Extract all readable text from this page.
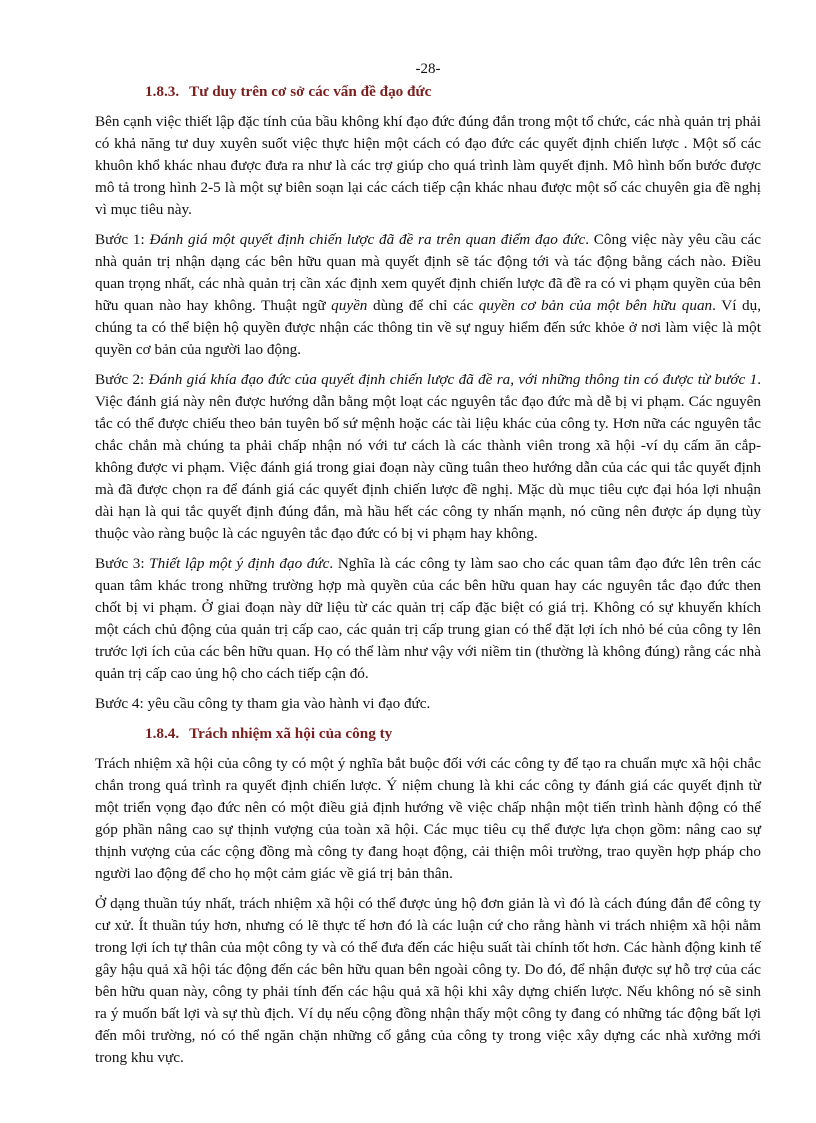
-28-
1.8.3. Tư duy trên cơ sở các vấn đề đạo đức

Bên cạnh việc thiết lập đặc tính của bầu không khí đạo đức đúng đắn trong một tổ chức, các nhà quản trị phải có khả năng tư duy xuyên suốt việc thực hiện một cách có đạo đức các quyết định chiến lược . Một số các khuôn khổ khác nhau được đưa ra như là các trợ giúp cho quá trình làm quyết định. Mô hình bốn bước được mô tả trong hình 2-5 là một sự biên soạn lại các cách tiếp cận khác nhau được một số các chuyên gia đề nghị vì mục tiêu này.

Bước 1: Đánh giá một quyết định chiến lược đã đề ra trên quan điểm đạo đức. Công việc này yêu cầu các nhà quản trị nhận dạng các bên hữu quan mà quyết định sẽ tác động tới và tác động bằng cách nào. Điều quan trọng nhất, các nhà quản trị cần xác định xem quyết định chiến lược đã đề ra có vi phạm quyền của bên hữu quan nào hay không. Thuật ngữ quyền dùng để chỉ các quyền cơ bản của một bên hữu quan. Ví dụ, chúng ta có thể biện hộ quyền được nhận các thông tin về sự nguy hiểm đến sức khỏe ở nơi làm việc là một quyền cơ bản của người lao động.

Bước 2: Đánh giá khía đạo đức của quyết định chiến lược đã đề ra, với những thông tin có được từ bước 1. Việc đánh giá này nên được hướng dẫn bằng một loạt các nguyên tắc đạo đức mà dễ bị vi phạm. Các nguyên tắc có thể được chiếu theo bản tuyên bố sứ mệnh hoặc các tài liệu khác của công ty. Hơn nữa các nguyên tắc chắc chắn mà chúng ta phải chấp nhận nó với tư cách là các thành viên trong xã hội -ví dụ cấm ăn cắp- không được vi phạm. Việc đánh giá trong giai đoạn này cũng tuân theo hướng dẫn của các qui tắc quyết định mà đã được chọn ra để đánh giá các quyết định chiến lược đề nghị. Mặc dù mục tiêu cực đại hóa lợi nhuận dài hạn là qui tắc quyết định đúng đắn, mà hầu hết các công ty nhấn mạnh, nó cũng nên được áp dụng tùy thuộc vào ràng buộc là các nguyên tắc đạo đức có bị vi phạm hay không.

Bước 3: Thiết lập một ý định đạo đức. Nghĩa là các công ty làm sao cho các quan tâm đạo đức lên trên các quan tâm khác trong những trường hợp mà quyền của các bên hữu quan hay các nguyên tắc đạo đức then chốt bị vi phạm. Ở giai đoạn này dữ liệu từ các quản trị cấp đặc biệt có giá trị. Không có sự khuyến khích một cách chủ động của quản trị cấp cao, các quản trị cấp trung gian có thể đặt lợi ích nhỏ bé của công ty lên trước lợi ích của các bên hữu quan. Họ có thể làm như vậy với niềm tin (thường là không đúng) rằng các nhà quản trị cấp cao ủng hộ cho cách tiếp cận đó.

Bước 4: yêu cầu công ty tham gia vào hành vi đạo đức.

1.8.4. Trách nhiệm xã hội của công ty

Trách nhiệm xã hội của công ty có một ý nghĩa bắt buộc đối với các công ty để tạo ra chuẩn mực xã hội chắc chắn trong quá trình ra quyết định chiến lược. Ý niệm chung là khi các công ty đánh giá các quyết định từ một triển vọng đạo đức nên có một điều giả định hướng về việc chấp nhận một tiến trình hành động có thể góp phần nâng cao sự thịnh vượng của toàn xã hội. Các mục tiêu cụ thể được lựa chọn gồm: nâng cao sự thịnh vượng của các cộng đồng mà công ty đang hoạt động, cải thiện môi trường, trao quyền hợp pháp cho người lao động để cho họ một cảm giác về giá trị bản thân.

Ở dạng thuần túy nhất, trách nhiệm xã hội có thể được ủng hộ đơn giản là vì đó là cách đúng đắn để công ty cư xử. Ít thuần túy hơn, nhưng có lẽ thực tế hơn đó là các luận cứ cho rằng hành vi trách nhiệm xã hội nằm trong lợi ích tự thân của một công ty và có thể đưa đến các hiệu suất tài chính tốt hơn. Các hành động kinh tế gây hậu quả xã hội tác động đến các bên hữu quan bên ngoài công ty. Do đó, để nhận được sự hỗ trợ của các bên hữu quan này, công ty phải tính đến các hậu quả xã hội khi xây dựng chiến lược. Nếu không nó sẽ sinh ra ý muốn bất lợi và sự thù địch. Ví dụ nếu cộng đồng nhận thấy một công ty đang có những tác động bất lợi đến môi trường, nó có thể ngăn chặn những cố gắng của công ty trong việc xây dựng các nhà xưởng mới trong khu vực.
